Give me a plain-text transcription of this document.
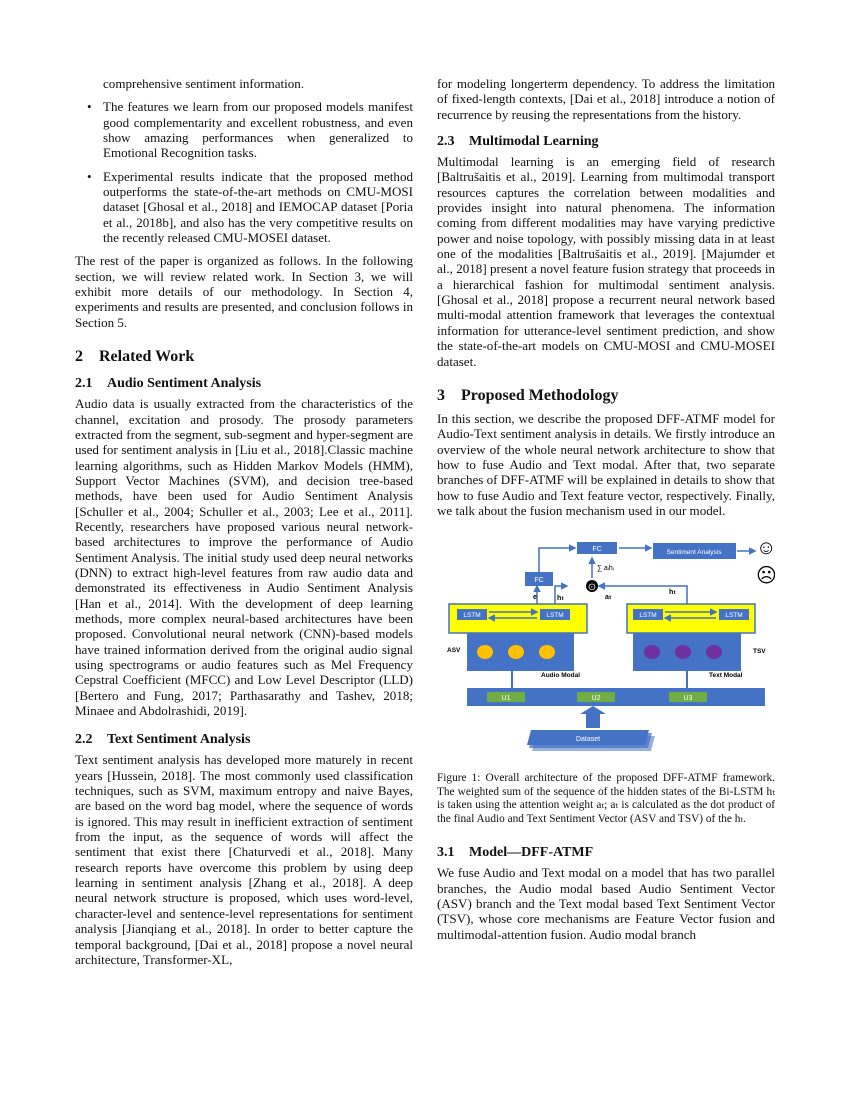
comprehensive sentiment information.

• The features we learn from our proposed models manifest good complementarity and excellent robustness, and even show amazing performances when generalized to Emotional Recognition tasks.
• Experimental results indicate that the proposed method outperforms the state-of-the-art methods on CMU-MOSI dataset [Ghosal et al., 2018] and IEMOCAP dataset [Poria et al., 2018b], and also has the very competitive results on the recently released CMU-MOSEI dataset.

The rest of the paper is organized as follows. In the following section, we will review related work. In Section 3, we will exhibit more details of our methodology. In Section 4, experiments and results are presented, and conclusion follows in Section 5.

2 Related Work
2.1 Audio Sentiment Analysis

Audio data is usually extracted from the characteristics of the channel, excitation and prosody. The prosody parameters extracted from the segment, sub-segment and hyper-segment are used for sentiment analysis in [Liu et al., 2018].Classic machine learning algorithms, such as Hidden Markov Models (HMM), Support Vector Machines (SVM), and decision tree-based methods, have been used for Audio Sentiment Analysis [Schuller et al., 2004; Schuller et al., 2003; Lee et al., 2011]. Recently, researchers have proposed various neural network-based architectures to improve the performance of Audio Sentiment Analysis. The initial study used deep neural networks (DNN) to extract high-level features from raw audio data and demonstrated its effectiveness in Audio Sentiment Analysis [Han et al., 2014]. With the development of deep learning methods, more complex neural-based architectures have been proposed. Convolutional neural network (CNN)-based models have trained information derived from the original audio signal using spectrograms or audio features such as Mel Frequency Cepstral Coefficient (MFCC) and Low Level Descriptor (LLD) [Bertero and Fung, 2017; Parthasarathy and Tashev, 2018; Minaee and Abdolrashidi, 2019].

2.2 Text Sentiment Analysis

Text sentiment analysis has developed more maturely in recent years [Hussein, 2018]. The most commonly used classification techniques, such as SVM, maximum entropy and naive Bayes, are based on the word bag model, where the sequence of words is ignored. This may result in inefficient extraction of sentiment from the input, as the sequence of words will affect the sentiment that exist there [Chaturvedi et al., 2018]. Many research reports have overcome this problem by using deep learning in sentiment analysis [Zhang et al., 2018]. A deep neural network structure is proposed, which uses word-level, character-level and sentence-level representations for sentiment analysis [Jianqiang et al., 2018]. In order to better capture the temporal background, [Dai et al., 2018] propose a novel neural architecture, Transformer-XL,

for modeling longerterm dependency. To address the limitation of fixed-length contexts, [Dai et al., 2018] introduce a notion of recurrence by reusing the representations from the history.

2.3 Multimodal Learning

Multimodal learning is an emerging field of research [Baltrušaitis et al., 2019]. Learning from multimodal transport resources captures the correlation between modalities and provides insight into natural phenomena. The information coming from different modalities may have varying predictive power and noise topology, with possibly missing data in at least one of the modalities [Baltrušaitis et al., 2019]. [Majumder et al., 2018] present a novel feature fusion strategy that proceeds in a hierarchical fashion for multimodal sentiment analysis. [Ghosal et al., 2018] propose a recurrent neural network based multi-modal attention framework that leverages the contextual information for utterance-level sentiment prediction, and show the state-of-the-art models on CMU-MOSI and CMU-MOSEI dataset.

3 Proposed Methodology

In this section, we describe the proposed DFF-ATMF model for Audio-Text sentiment analysis in details. We firstly introduce an overview of the whole neural network architecture to show that how to fuse Audio and Text modal. After that, two separate branches of DFF-ATMF will be explained in details to show that how to fuse Audio and Text feature vector, respectively. Finally, we talk about the fusion mechanism used in our model.

Dataset
U1	U2	U3
Audio Modal	Text Modal
ASV	TSV
LSTM	LSTM	LSTM	LSTM
FC
FC	Sentiment Analysis
⊙
∑ aᵢhᵢ
e	hₜ	aₜ
hₜ
☺
☹

Figure 1: Overall architecture of the proposed DFF-ATMF framework. The weighted sum of the sequence of the hidden states of the Bi-LSTM hₜ is taken using the attention weight aₜ; aₜ is calculated as the dot product of the final Audio and Text Sentiment Vector (ASV and TSV) of the hₜ.

3.1 Model—DFF-ATMF

We fuse Audio and Text modal on a model that has two parallel branches, the Audio modal based Audio Sentiment Vector (ASV) branch and the Text modal based Text Sentiment Vector (TSV), whose core mechanisms are Feature Vector fusion and multimodal-attention fusion. Audio modal branch
